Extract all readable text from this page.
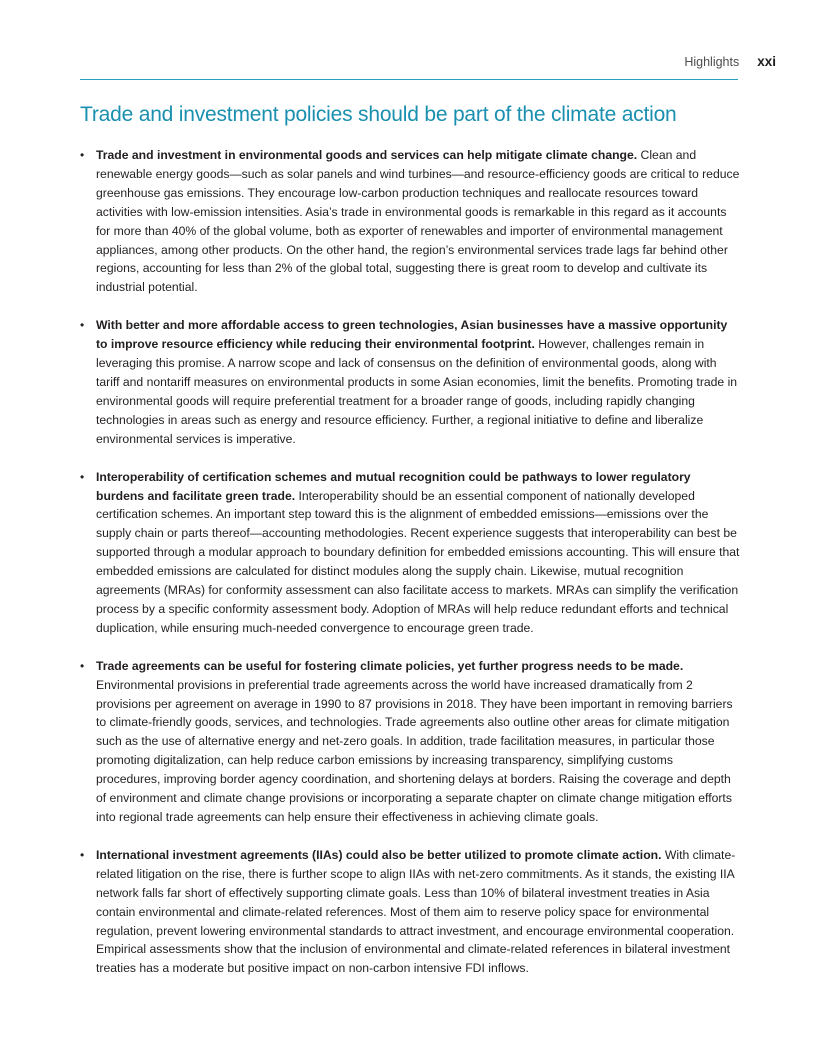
Highlights xxi
Trade and investment policies should be part of the climate action
• Trade and investment in environmental goods and services can help mitigate climate change. Clean and renewable energy goods—such as solar panels and wind turbines—and resource-efficiency goods are critical to reduce greenhouse gas emissions. They encourage low-carbon production techniques and reallocate resources toward activities with low-emission intensities. Asia’s trade in environmental goods is remarkable in this regard as it accounts for more than 40% of the global volume, both as exporter of renewables and importer of environmental management appliances, among other products. On the other hand, the region’s environmental services trade lags far behind other regions, accounting for less than 2% of the global total, suggesting there is great room to develop and cultivate its industrial potential.
• With better and more affordable access to green technologies, Asian businesses have a massive opportunity to improve resource efficiency while reducing their environmental footprint. However, challenges remain in leveraging this promise. A narrow scope and lack of consensus on the definition of environmental goods, along with tariff and nontariff measures on environmental products in some Asian economies, limit the benefits. Promoting trade in environmental goods will require preferential treatment for a broader range of goods, including rapidly changing technologies in areas such as energy and resource efficiency. Further, a regional initiative to define and liberalize environmental services is imperative.
• Interoperability of certification schemes and mutual recognition could be pathways to lower regulatory burdens and facilitate green trade. Interoperability should be an essential component of nationally developed certification schemes. An important step toward this is the alignment of embedded emissions—emissions over the supply chain or parts thereof—accounting methodologies. Recent experience suggests that interoperability can best be supported through a modular approach to boundary definition for embedded emissions accounting. This will ensure that embedded emissions are calculated for distinct modules along the supply chain. Likewise, mutual recognition agreements (MRAs) for conformity assessment can also facilitate access to markets. MRAs can simplify the verification process by a specific conformity assessment body. Adoption of MRAs will help reduce redundant efforts and technical duplication, while ensuring much-needed convergence to encourage green trade.
• Trade agreements can be useful for fostering climate policies, yet further progress needs to be made. Environmental provisions in preferential trade agreements across the world have increased dramatically from 2 provisions per agreement on average in 1990 to 87 provisions in 2018. They have been important in removing barriers to climate-friendly goods, services, and technologies. Trade agreements also outline other areas for climate mitigation such as the use of alternative energy and net-zero goals. In addition, trade facilitation measures, in particular those promoting digitalization, can help reduce carbon emissions by increasing transparency, simplifying customs procedures, improving border agency coordination, and shortening delays at borders. Raising the coverage and depth of environment and climate change provisions or incorporating a separate chapter on climate change mitigation efforts into regional trade agreements can help ensure their effectiveness in achieving climate goals.
• International investment agreements (IIAs) could also be better utilized to promote climate action. With climate-related litigation on the rise, there is further scope to align IIAs with net-zero commitments. As it stands, the existing IIA network falls far short of effectively supporting climate goals. Less than 10% of bilateral investment treaties in Asia contain environmental and climate-related references. Most of them aim to reserve policy space for environmental regulation, prevent lowering environmental standards to attract investment, and encourage environmental cooperation. Empirical assessments show that the inclusion of environmental and climate-related references in bilateral investment treaties has a moderate but positive impact on non-carbon intensive FDI inflows.
